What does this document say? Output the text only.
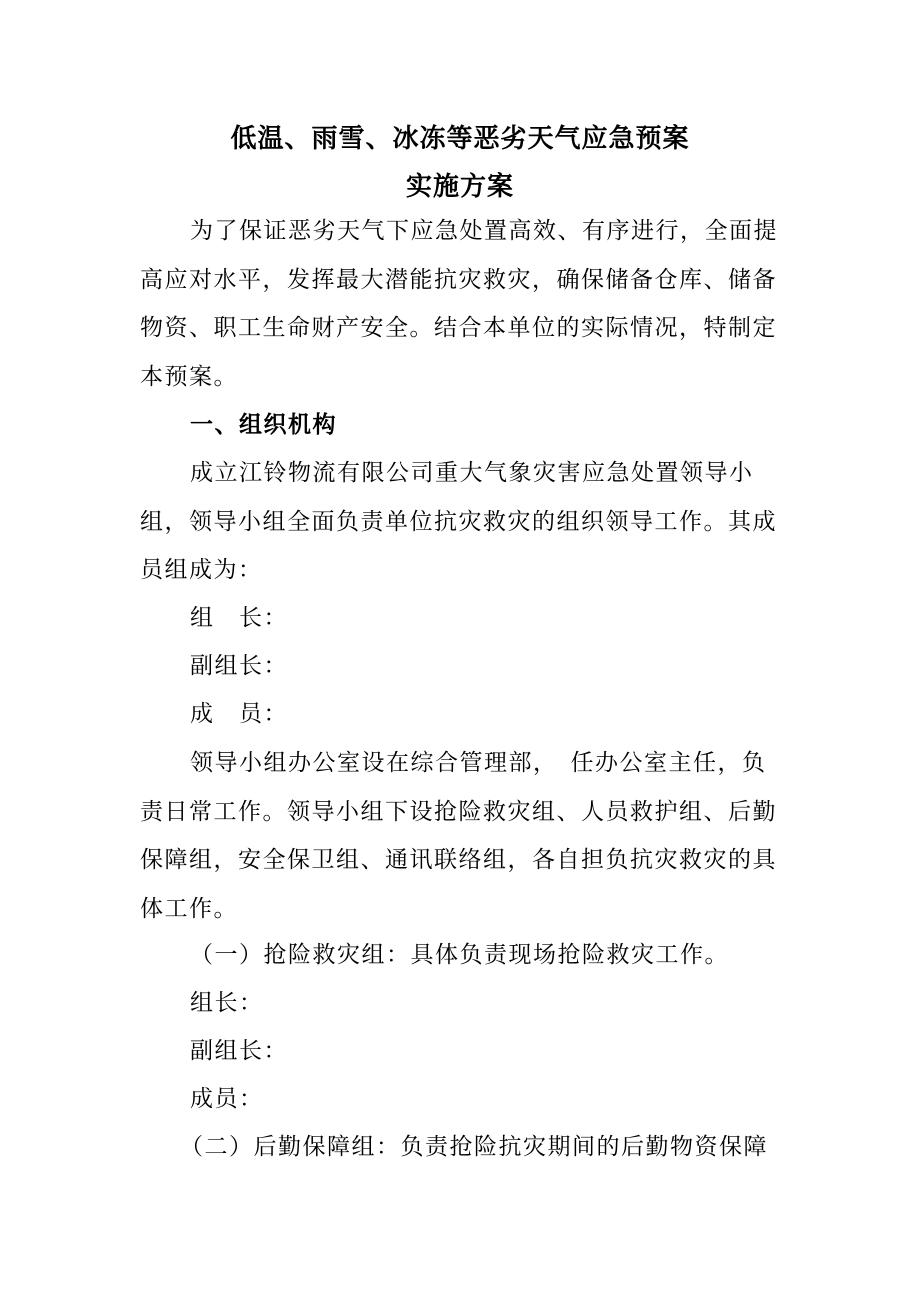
低温、雨雪、冰冻等恶劣天气应急预案
实施方案

为了保证恶劣天气下应急处置高效、有序进行，全面提高应对水平，发挥最大潜能抗灾救灾，确保储备仓库、储备物资、职工生命财产安全。结合本单位的实际情况，特制定本预案。

一、组织机构

成立江铃物流有限公司重大气象灾害应急处置领导小组，领导小组全面负责单位抗灾救灾的组织领导工作。其成员组成为：

组　长：

副组长：

成　员：

领导小组办公室设在综合管理部，　任办公室主任，负责日常工作。领导小组下设抢险救灾组、人员救护组、后勤保障组，安全保卫组、通讯联络组，各自担负抗灾救灾的具体工作。

（一）抢险救灾组：具体负责现场抢险救灾工作。

组长：

副组长：

成员：

（二）后勤保障组：负责抢险抗灾期间的后勤物资保障
